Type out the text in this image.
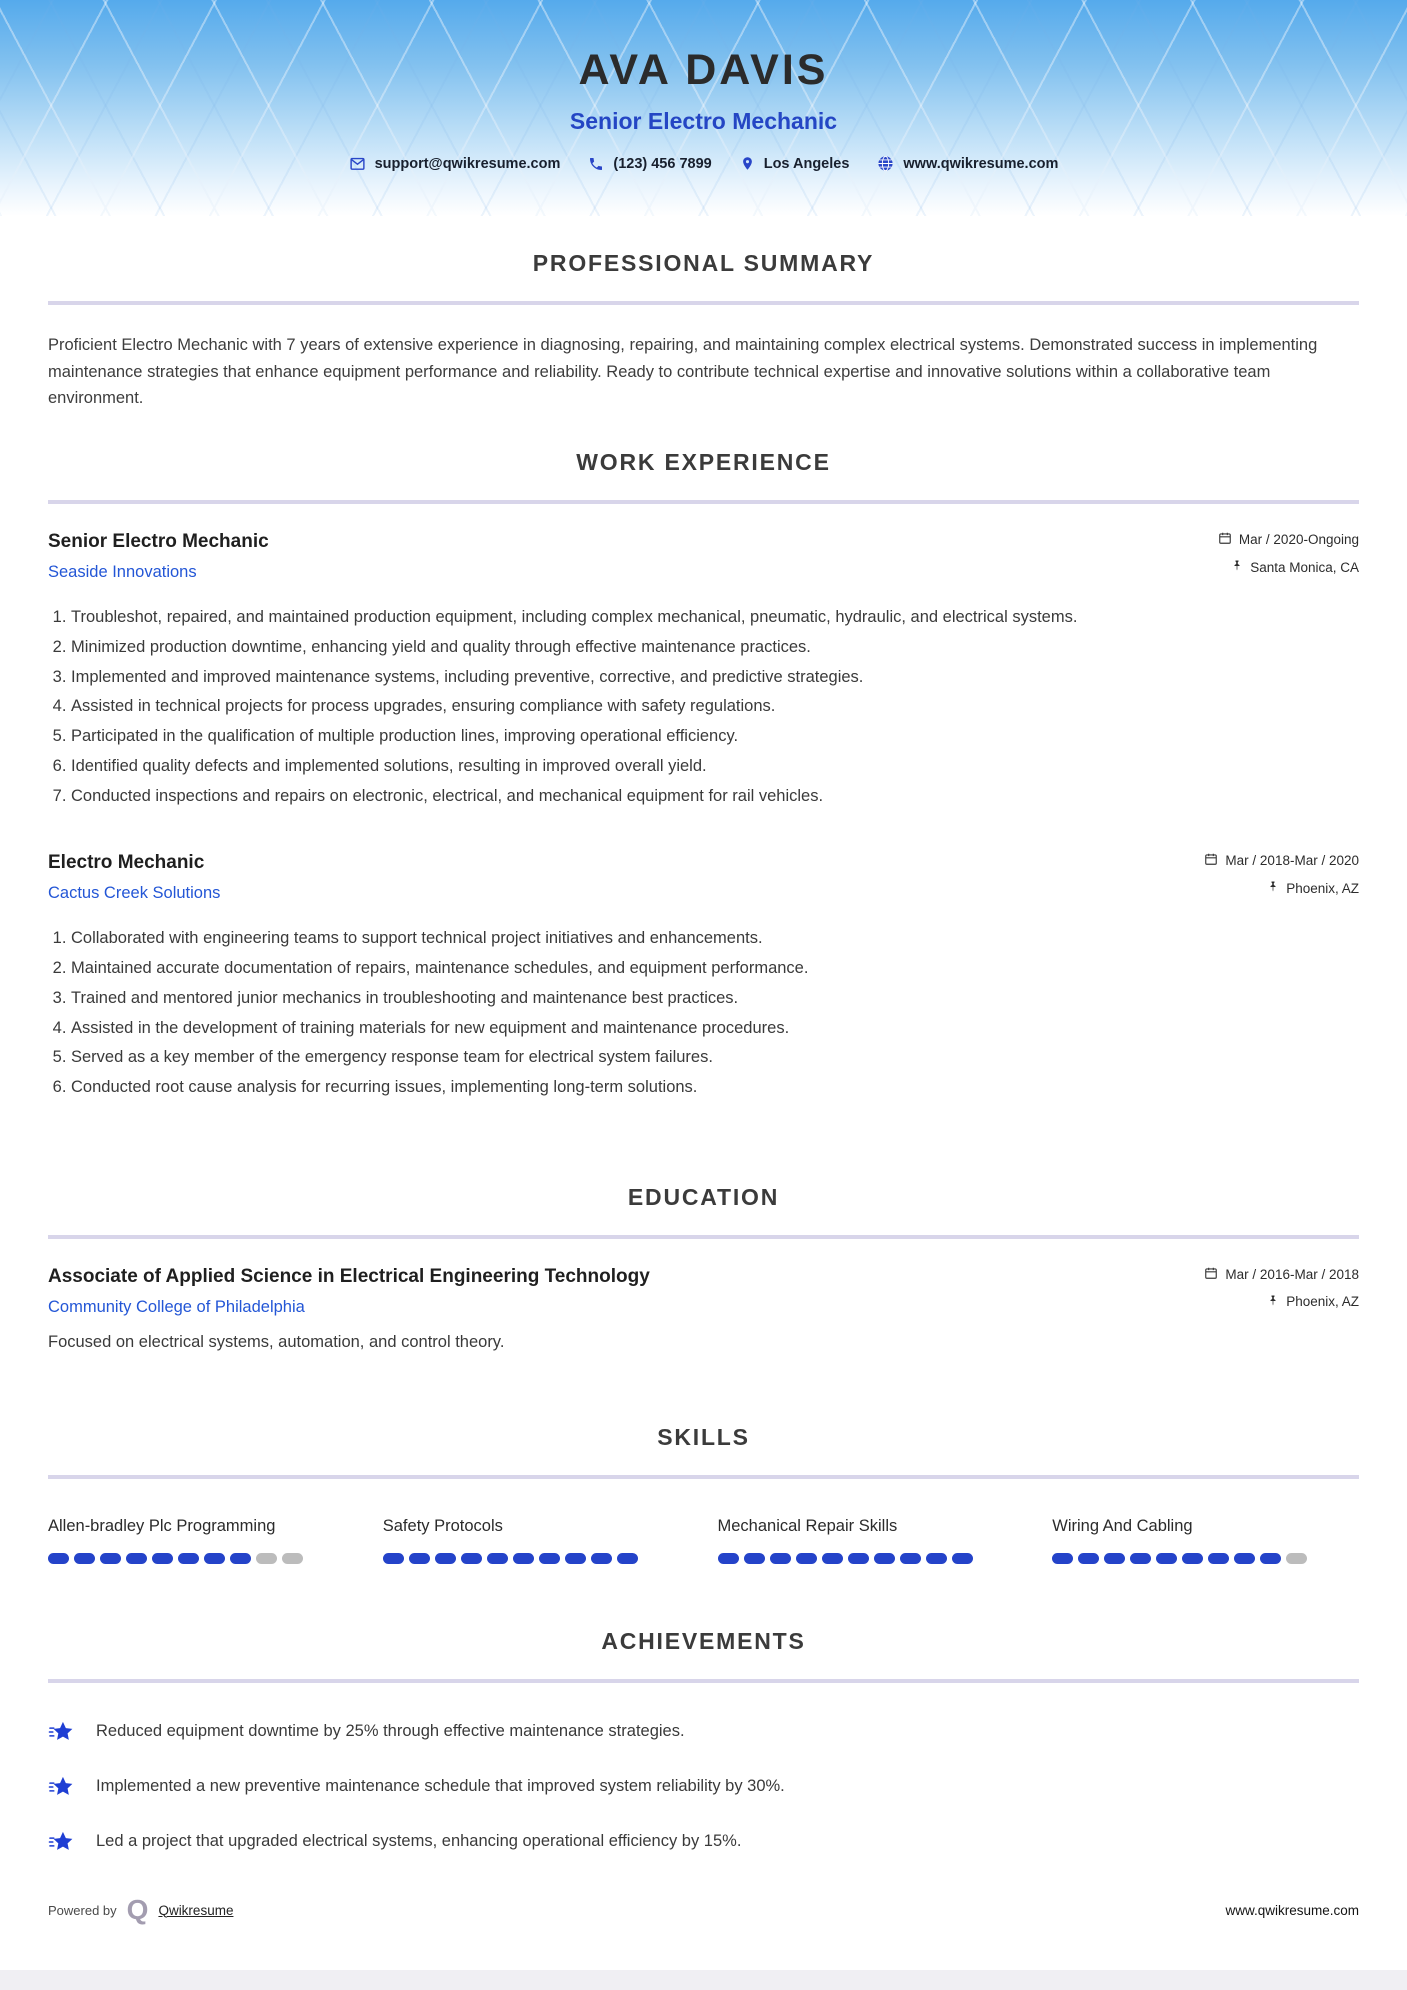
AVA DAVIS
Senior Electro Mechanic
support@qwikresume.com	(123) 456 7899	Los Angeles	www.qwikresume.com
PROFESSIONAL SUMMARY

Proficient Electro Mechanic with 7 years of extensive experience in diagnosing, repairing, and maintaining complex electrical systems. Demonstrated success in implementing maintenance strategies that enhance equipment performance and reliability. Ready to contribute technical expertise and innovative solutions within a collaborative team environment.

WORK EXPERIENCE
Senior Electro Mechanic
Seaside Innovations
Mar / 2020-Ongoing
Santa Monica, CA
1. Troubleshot, repaired, and maintained production equipment, including complex mechanical, pneumatic, hydraulic, and electrical systems.
2. Minimized production downtime, enhancing yield and quality through effective maintenance practices.
3. Implemented and improved maintenance systems, including preventive, corrective, and predictive strategies.
4. Assisted in technical projects for process upgrades, ensuring compliance with safety regulations.
5. Participated in the qualification of multiple production lines, improving operational efficiency.
6. Identified quality defects and implemented solutions, resulting in improved overall yield.
7. Conducted inspections and repairs on electronic, electrical, and mechanical equipment for rail vehicles.
Electro Mechanic
Cactus Creek Solutions
Mar / 2018-Mar / 2020
Phoenix, AZ
1. Collaborated with engineering teams to support technical project initiatives and enhancements.
2. Maintained accurate documentation of repairs, maintenance schedules, and equipment performance.
3. Trained and mentored junior mechanics in troubleshooting and maintenance best practices.
4. Assisted in the development of training materials for new equipment and maintenance procedures.
5. Served as a key member of the emergency response team for electrical system failures.
6. Conducted root cause analysis for recurring issues, implementing long-term solutions.
EDUCATION
Associate of Applied Science in Electrical Engineering Technology
Community College of Philadelphia
Mar / 2016-Mar / 2018
Phoenix, AZ

Focused on electrical systems, automation, and control theory.

SKILLS
Allen-bradley Plc Programming	Safety Protocols	Mechanical Repair Skills	Wiring And Cabling
ACHIEVEMENTS
Reduced equipment downtime by 25% through effective maintenance strategies.
Implemented a new preventive maintenance schedule that improved system reliability by 30%.
Led a project that upgraded electrical systems, enhancing operational efficiency by 15%.
Powered by Q Qwikresume	www.qwikresume.com
